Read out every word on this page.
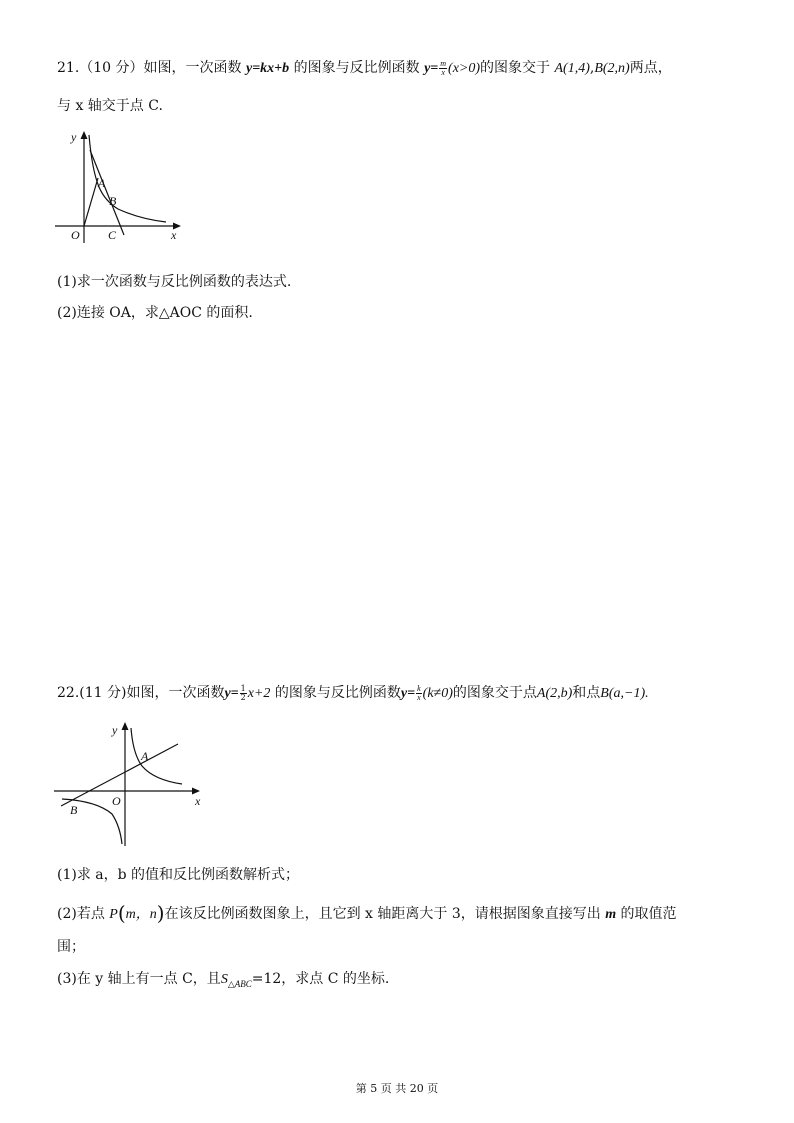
21.（10 分）如图，一次函数 y=kx+b 的图象与反比例函数 $y= \frac{m}{x} (x>0)$的图象交于 A(1,4),B(2,n)两点，
与 x 轴交于点 C.
y
A
B
O C	x
(1)求一次函数与反比例函数的表达式.
(2)连接 OA，求△AOC 的面积.
22.(11 分)如图，一次函数$y= \frac{1}{2} x+2$ 的图象与反比例函数$y= \frac{k}{x} (k\ne 0)$的图象交于点A(2,b)和点B(a,−1).
y
A
B
O	x
(1)求 a，b 的值和反比例函数解析式；
(2)若点 P(m，n)在该反比例函数图象上，且它到 x 轴距离大于 3，请根据图象直接写出 m 的取值范
围；
(3)在 y 轴上有一点 C，且$S_{\triangle ABC}=12$，求点 C 的坐标.
第 5 页 共 20 页
